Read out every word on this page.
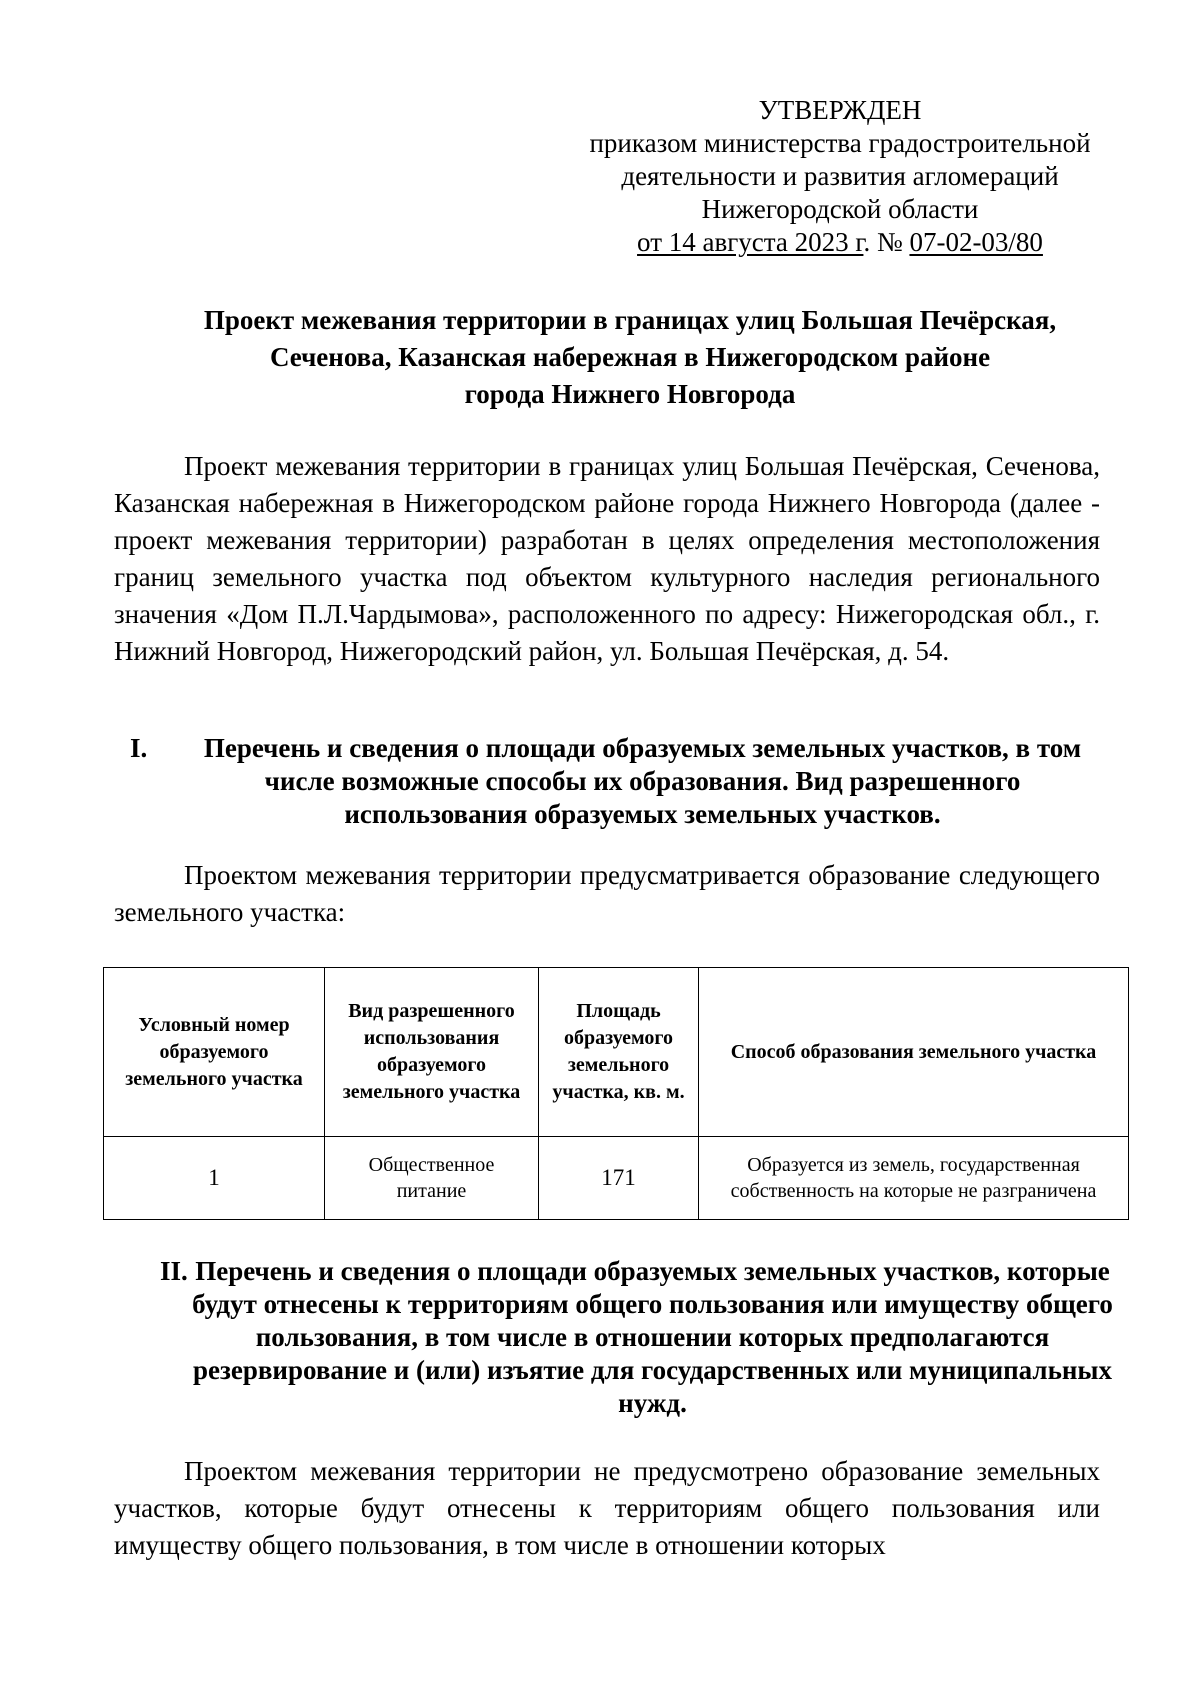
УТВЕРЖДЕН
приказом министерства градостроительной
деятельности и развития агломераций
Нижегородской области
от 14 августа 2023 г. № 07-02-03/80
Проект межевания территории в границах улиц Большая Печёрская,
Сеченова, Казанская набережная в Нижегородском районе
города Нижнего Новгорода

Проект межевания территории в границах улиц Большая Печёрская, Сеченова, Казанская набережная в Нижегородском районе города Нижнего Новгорода (далее - проект межевания территории) разработан в целях определения местоположения границ земельного участка под объектом культурного наследия регионального значения «Дом П.Л.Чардымова», расположенного по адресу: Нижегородская обл., г. Нижний Новгород, Нижегородский район, ул. Большая Печёрская, д. 54.

I.	Перечень и сведения о площади образуемых земельных участков, в том числе возможные способы их образования. Вид разрешенного использования образуемых земельных участков.

Проектом межевания территории предусматривается образование следующего земельного участка:

Условный номер образуемого земельного участка	Вид разрешенного использования образуемого земельного участка	Площадь образуемого земельного участка, кв. м.	Способ образования земельного участка
1	Общественное питание	171	Образуется из земель, государственная собственность на которые не разграничена
II. Перечень и сведения о площади образуемых земельных участков, которые будут отнесены к территориям общего пользования или имуществу общего пользования, в том числе в отношении которых предполагаются резервирование и (или) изъятие для государственных или муниципальных нужд.

Проектом межевания территории не предусмотрено образование земельных участков, которые будут отнесены к территориям общего пользования или имуществу общего пользования, в том числе в отношении которых
